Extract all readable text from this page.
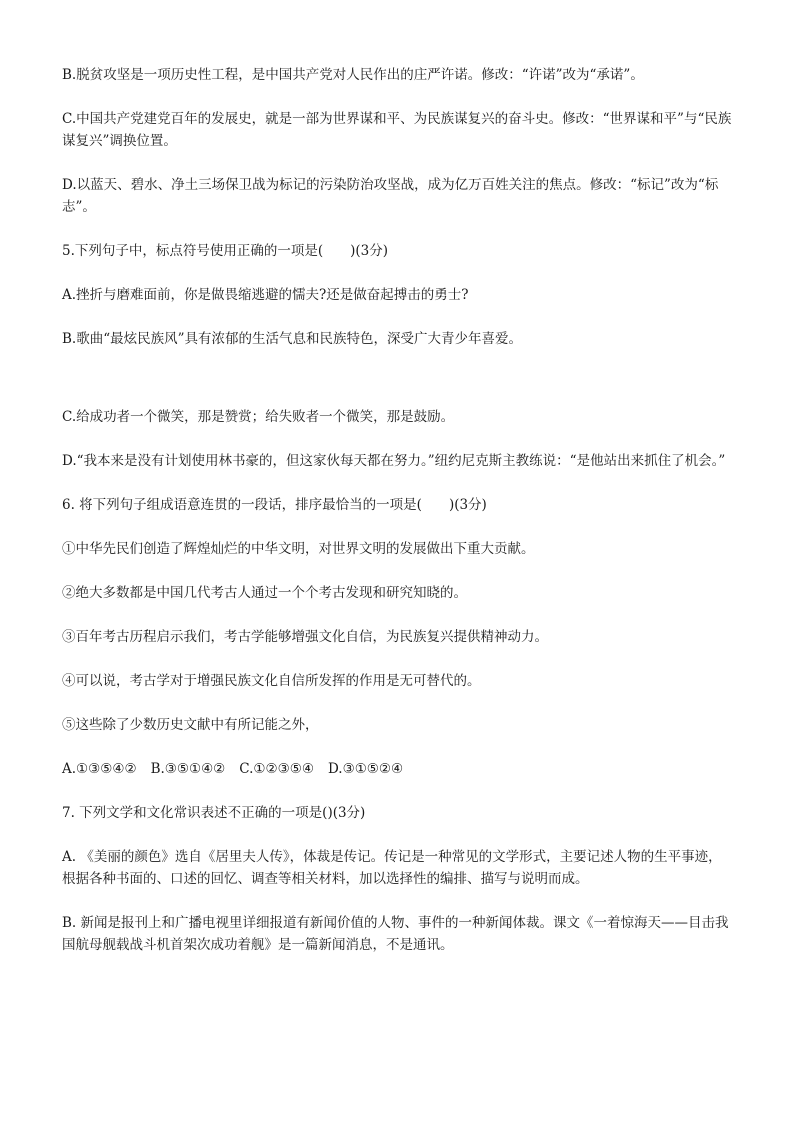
B.脱贫攻坚是一项历史性工程，是中国共产党对人民作出的庄严许诺。修改：“许诺”改为“承诺”。

C.中国共产党建党百年的发展史，就是一部为世界谋和平、为民族谋复兴的奋斗史。修改：“世界谋和平”与“民族谋复兴”调换位置。

D.以蓝天、碧水、净土三场保卫战为标记的污染防治攻坚战，成为亿万百姓关注的焦点。修改：“标记”改为“标志”。

5.下列句子中，标点符号使用正确的一项是(　　)(3分)

A.挫折与磨难面前，你是做畏缩逃避的懦夫?还是做奋起搏击的勇士?

B.歌曲“最炫民族风”具有浓郁的生活气息和民族特色，深受广大青少年喜爱。

C.给成功者一个微笑，那是赞赏；给失败者一个微笑，那是鼓励。

D.“我本来是没有计划使用林书豪的，但这家伙每天都在努力。”纽约尼克斯主教练说：“是他站出来抓住了机会。”

6. 将下列句子组成语意连贯的一段话，排序最恰当的一项是(　　)(3分)

①中华先民们创造了辉煌灿烂的中华文明，对世界文明的发展做出下重大贡献。

②绝大多数都是中国几代考古人通过一个个考古发现和研究知晓的。

③百年考古历程启示我们，考古学能够增强文化自信，为民族复兴提供精神动力。

④可以说，考古学对于增强民族文化自信所发挥的作用是无可替代的。

⑤这些除了少数历史文献中有所记能之外，

A.①③⑤④② B.③⑤①④② C.①②③⑤④ D.③①⑤②④

7. 下列文学和文化常识表述不正确的一项是()(3分)

A. 《美丽的颜色》选自《居里夫人传》，体裁是传记。传记是一种常见的文学形式，主要记述人物的生平事迹，根据各种书面的、口述的回忆、调查等相关材料，加以选择性的编排、描写与说明而成。

B. 新闻是报刊上和广播电视里详细报道有新闻价值的人物、事件的一种新闻体裁。课文《一着惊海天——目击我国航母舰载战斗机首架次成功着舰》是一篇新闻消息，不是通讯。
